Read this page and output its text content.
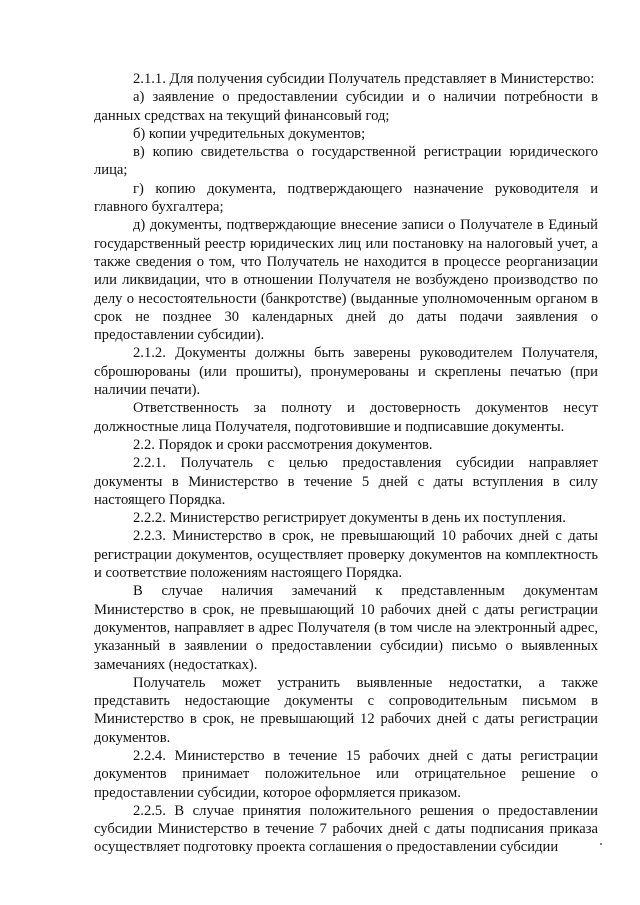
2.1.1. Для получения субсидии Получатель представляет в Министерство:

а) заявление о предоставлении субсидии и о наличии потребности в данных средствах на текущий финансовый год;

б) копии учредительных документов;

в) копию свидетельства о государственной регистрации юридического лица;

г) копию документа, подтверждающего назначение руководителя и главного бухгалтера;

д) документы, подтверждающие внесение записи о Получателе в Единый государственный реестр юридических лиц или постановку на налоговый учет, а также сведения о том, что Получатель не находится в процессе реорганизации или ликвидации, что в отношении Получателя не возбуждено производство по делу о несостоятельности (банкротстве) (выданные уполномоченным органом в срок не позднее 30 календарных дней до даты подачи заявления о предоставлении субсидии).

2.1.2. Документы должны быть заверены руководителем Получателя, сброшюрованы (или прошиты), пронумерованы и скреплены печатью (при наличии печати).

Ответственность за полноту и достоверность документов несут должностные лица Получателя, подготовившие и подписавшие документы.

2.2. Порядок и сроки рассмотрения документов.

2.2.1. Получатель с целью предоставления субсидии направляет документы в Министерство в течение 5 дней с даты вступления в силу настоящего Порядка.

2.2.2. Министерство регистрирует документы в день их поступления.

2.2.3. Министерство в срок, не превышающий 10 рабочих дней с даты регистрации документов, осуществляет проверку документов на комплектность и соответствие положениям настоящего Порядка.

В случае наличия замечаний к представленным документам Министерство в срок, не превышающий 10 рабочих дней с даты регистрации документов, направляет в адрес Получателя (в том числе на электронный адрес, указанный в заявлении о предоставлении субсидии) письмо о выявленных замечаниях (недостатках).

Получатель может устранить выявленные недостатки, а также представить недостающие документы с сопроводительным письмом в Министерство в срок, не превышающий 12 рабочих дней с даты регистрации документов.

2.2.4. Министерство в течение 15 рабочих дней с даты регистрации документов принимает положительное или отрицательное решение о предоставлении субсидии, которое оформляется приказом.

2.2.5. В случае принятия положительного решения о предоставлении субсидии Министерство в течение 7 рабочих дней с даты подписания приказа осуществляет подготовку проекта соглашения о предоставлении субсидии
